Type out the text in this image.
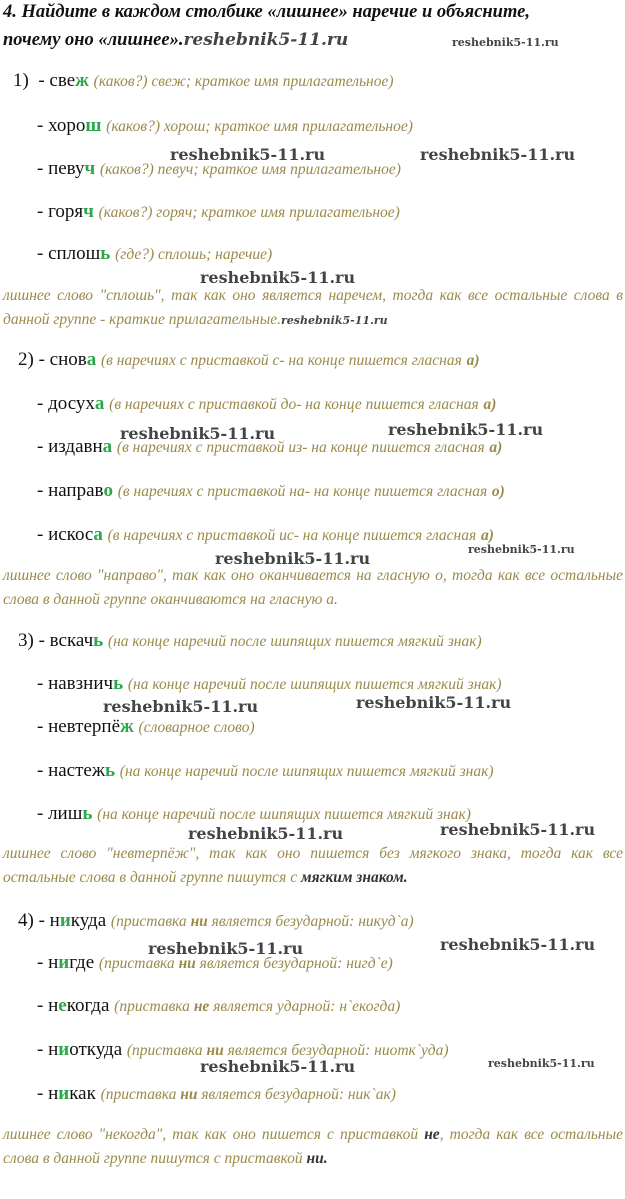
4. Найдите в каждом столбике «лишнее» наречие и объясните,
почему оно «лишнее».reshebnik5-11.ru	reshebnik5-11.ru
1)  - свеж (каков?) свеж; краткое имя прилагательное)
- хорош (каков?) хорош; краткое имя прилагательное)
reshebnik5-11.ru	reshebnik5-11.ru
- певуч (каков?) певуч; краткое имя прилагательное)
- горяч (каков?) горяч; краткое имя прилагательное)
- сплошь (где?) сплошь; наречие)
reshebnik5-11.ru
лишнее слово "сплошь", так как оно является наречем, тогда как все остальные слова в данной группе - краткие прилагательные.reshebnik5-11.ru
2) - снова (в наречиях с приставкой с- на конце пишется гласная а)
- досуха (в наречиях с приставкой до- на конце пишется гласная а)
reshebnik5-11.ru	reshebnik5-11.ru
- издавна (в наречиях с приставкой из- на конце пишется гласная а)
- направо (в наречиях с приставкой на- на конце пишется гласная о)
- искоса (в наречиях с приставкой ис- на конце пишется гласная а)
reshebnik5-11.ru
reshebnik5-11.ru
лишнее слово "направо", так как оно оканчивается на гласную о, тогда как все остальные слова в данной группе оканчиваются на гласную а.
3) - вскачь (на конце наречий после шипящих пишется мягкий знак)
- навзничь (на конце наречий после шипящих пишется мягкий знак)
reshebnik5-11.ru	reshebnik5-11.ru
- невтерпёж (словарное слово)
- настежь (на конце наречий после шипящих пишется мягкий знак)
- лишь (на конце наречий после шипящих пишется мягкий знак)
reshebnik5-11.ru	reshebnik5-11.ru
лишнее слово "невтерпёж", так как оно пишется без мягкого знака, тогда как все остальные слова в данной группе пишутся с мягким знаком.
4) - никуда (приставка ни является безударной: никуд`а)
reshebnik5-11.ru	reshebnik5-11.ru
- нигде (приставка ни является безударной: нигд`е)
- некогда (приставка не является ударной: н`екогда)
- ниоткуда (приставка ни является безударной: ниотк`уда)
reshebnik5-11.ru	reshebnik5-11.ru
- никак (приставка ни является безударной: ник`ак)
лишнее слово "некогда", так как оно пишется с приставкой не, тогда как все остальные слова в данной группе пишутся с приставкой ни.
